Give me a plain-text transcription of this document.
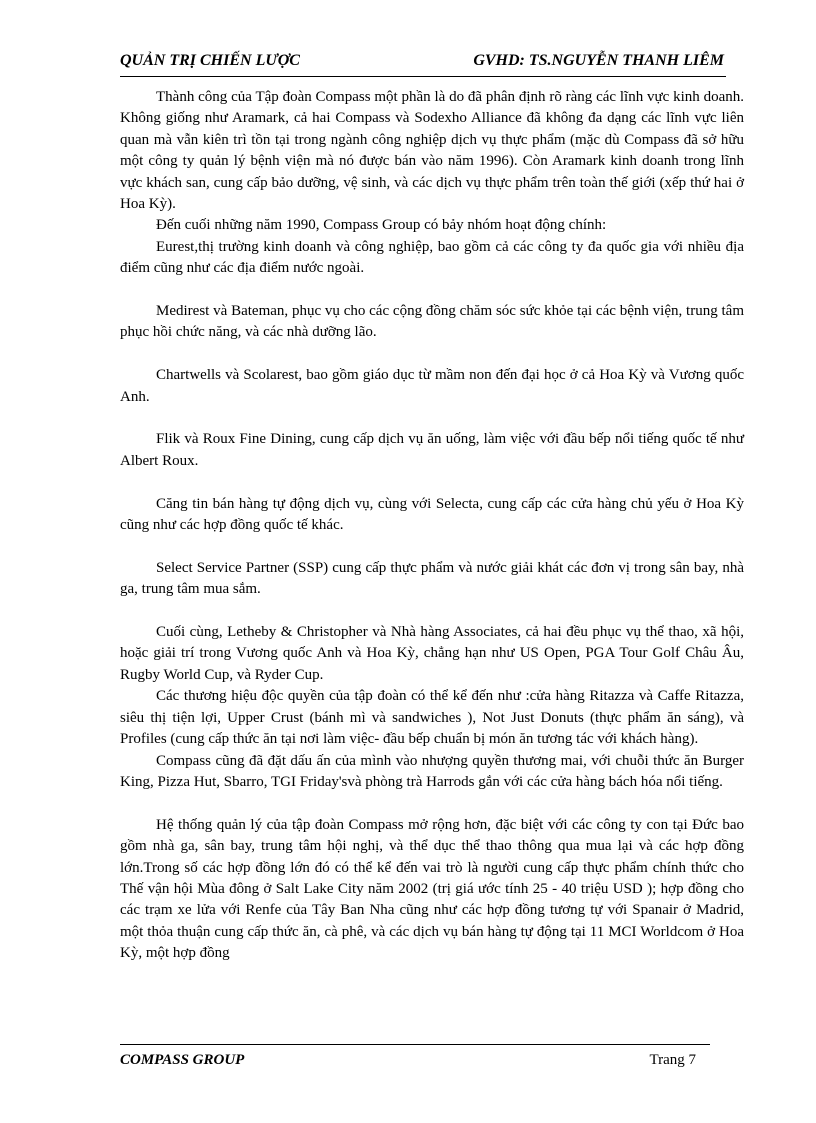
QUẢN TRỊ CHIẾN LƯỢC	GVHD: TS.NGUYỄN THANH LIÊM

Thành công của Tập đoàn Compass một phần là do đã phân định rõ ràng các lĩnh vực kinh doanh. Không giống như Aramark, cả hai Compass và Sodexho Alliance đã không đa dạng các lĩnh vực liên quan mà vẫn kiên trì tồn tại trong ngành công nghiệp dịch vụ thực phẩm (mặc dù Compass đã sở hữu một công ty quản lý bệnh viện mà nó được bán vào năm 1996). Còn Aramark kinh doanh trong lĩnh vực khách san, cung cấp bảo dưỡng, vệ sinh, và các dịch vụ thực phẩm trên toàn thế giới (xếp thứ hai ở Hoa Kỳ).

Đến cuối những năm 1990, Compass Group có bảy nhóm hoạt động chính:

Eurest,thị trường kinh doanh và công nghiệp, bao gồm cả các công ty đa quốc gia với nhiều địa điểm cũng như các địa điểm nước ngoài.

Medirest và Bateman, phục vụ cho các cộng đồng chăm sóc sức khỏe tại các bệnh viện, trung tâm phục hồi chức năng, và các nhà dưỡng lão.

Chartwells và Scolarest, bao gồm giáo dục từ mầm non đến đại học ở cả Hoa Kỳ và Vương quốc Anh.

Flik và Roux Fine Dining, cung cấp dịch vụ ăn uống, làm việc với đầu bếp nổi tiếng quốc tế như Albert Roux.

Căng tin bán hàng tự động dịch vụ, cùng với Selecta, cung cấp các cửa hàng chủ yếu ở Hoa Kỳ cũng như các hợp đồng quốc tế khác.

Select Service Partner (SSP) cung cấp thực phẩm và nước giải khát các đơn vị trong sân bay, nhà ga, trung tâm mua sắm.

Cuối cùng, Letheby & Christopher và Nhà hàng Associates, cả hai đều phục vụ thể thao, xã hội, hoặc giải trí trong Vương quốc Anh và Hoa Kỳ, chẳng hạn như US Open, PGA Tour Golf Châu Âu, Rugby World Cup, và Ryder Cup.

Các thương hiệu độc quyền của tập đoàn có thể kể đến như :cửa hàng Ritazza và Caffe Ritazza, siêu thị tiện lợi, Upper Crust (bánh mì và sandwiches ), Not Just Donuts (thực phẩm ăn sáng), và Profiles (cung cấp thức ăn tại nơi làm việc- đầu bếp chuẩn bị món ăn tương tác với khách hàng).

Compass cũng đã đặt dấu ấn của mình vào nhượng quyền thương mai, với chuỗi thức ăn Burger King, Pizza Hut, Sbarro, TGI Friday'svà phòng trà Harrods gắn với các cửa hàng bách hóa nổi tiếng.

Hệ thống quản lý của tập đoàn Compass mở rộng hơn, đặc biệt với các công ty con tại Đức bao gồm nhà ga, sân bay, trung tâm hội nghị, và thể dục thể thao thông qua mua lại và các hợp đồng lớn.Trong số các hợp đồng lớn đó có thể kể đến vai trò là người cung cấp thực phẩm chính thức cho Thế vận hội Mùa đông ở Salt Lake City năm 2002 (trị giá ước tính 25 - 40 triệu USD ); hợp đồng cho các trạm xe lửa với Renfe của Tây Ban Nha cũng như các hợp đồng tương tự với Spanair ở Madrid, một thỏa thuận cung cấp thức ăn, cà phê, và các dịch vụ bán hàng tự động tại 11 MCI Worldcom ở Hoa Kỳ, một hợp đồng

COMPASS GROUP	Trang 7
